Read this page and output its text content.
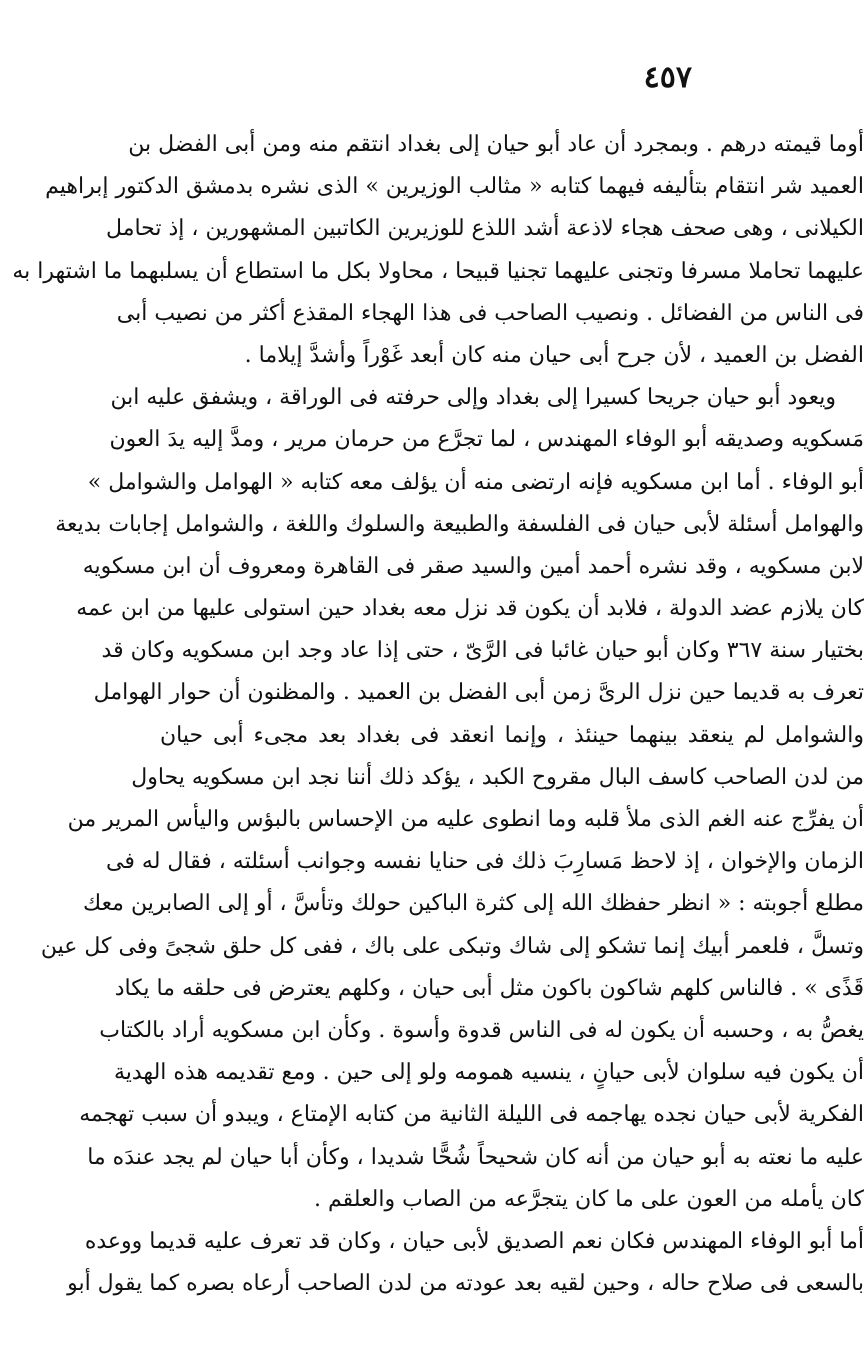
٤٥٧
أوما قيمته درهم . وبمجرد أن عاد أبو حيان إلى بغداد انتقم منه ومن أبى الفضل بن
العميد شر انتقام بتأليفه فيهما كتابه « مثالب الوزيرين » الذى نشره بدمشق الدكتور إبراهيم
الكيلانى ، وهى صحف هجاء لاذعة أشد اللذع للوزيرين الكاتبين المشهورين ، إذ تحامل
عليهما تحاملا مسرفا وتجنى عليهما تجنيا قبيحا ، محاولا بكل ما استطاع أن يسلبهما ما اشتهرا به
فى الناس من الفضائل . ونصيب الصاحب فى هذا الهجاء المقذع أكثر من نصيب أبى
الفضل بن العميد ، لأن جرح أبى حيان منه كان أبعد غَوْراً وأشدَّ إيلاما .
ويعود أبو حيان جريحا كسيرا إلى بغداد وإلى حرفته فى الوراقة ، ويشفق عليه ابن
مَسكويه وصديقه أبو الوفاء المهندس ، لما تجرَّع من حرمان مرير ، ومدَّ إليه يدَ العون
أبو الوفاء . أما ابن مسكويه فإنه ارتضى منه أن يؤلف معه كتابه « الهوامل والشوامل »
والهوامل أسئلة لأبى حيان فى الفلسفة والطبيعة والسلوك واللغة ، والشوامل إجابات بديعة
لابن مسكويه ، وقد نشره أحمد أمين والسيد صقر فى القاهرة ومعروف أن ابن مسكويه
كان يلازم عضد الدولة ، فلابد أن يكون قد نزل معه بغداد حين استولى عليها من ابن عمه
بختيار سنة ٣٦٧ وكان أبو حيان غائبا فى الرَّىّ ، حتى إذا عاد وجد ابن مسكويه وكان قد
تعرف به قديما حين نزل الرىَّ زمن أبى الفضل بن العميد . والمظنون أن حوار الهوامل
والشوامل لم ينعقد بينهما حينئذ ، وإنما انعقد فى بغداد بعد مجىء أبى حيان
من لدن الصاحب كاسف البال مقروح الكبد ، يؤكد ذلك أننا نجد ابن مسكويه يحاول
أن يفرِّج عنه الغم الذى ملأ قلبه وما انطوى عليه من الإحساس بالبؤس واليأس المرير من
الزمان والإخوان ، إذ لاحظ مَسارِبَ ذلك فى حنايا نفسه وجوانب أسئلته ، فقال له فى
مطلع أجوبته : « انظر حفظك الله إلى كثرة الباكين حولك وتأسَّ ، أو إلى الصابرين معك
وتسلَّ ، فلعمر أبيك إنما تشكو إلى شاك وتبكى على باك ، ففى كل حلق شجىً وفى كل عين
قَذًى » . فالناس كلهم شاكون باكون مثل أبى حيان ، وكلهم يعترض فى حلقه ما يكاد
يغصُّ به ، وحسبه أن يكون له فى الناس قدوة وأسوة . وكأن ابن مسكويه أراد بالكتاب
أن يكون فيه سلوان لأبى حيانٍ ، ينسيه همومه ولو إلى حين . ومع تقديمه هذه الهدية
الفكرية لأبى حيان نجده يهاجمه فى الليلة الثانية من كتابه الإمتاع ، ويبدو أن سبب تهجمه
عليه ما نعته به أبو حيان من أنه كان شحيحاً شُحًّا شديدا ، وكأن أبا حيان لم يجد عندَه ما
كان يأمله من العون على ما كان يتجرَّعه من الصاب والعلقم .
أما أبو الوفاء المهندس فكان نعم الصديق لأبى حيان ، وكان قد تعرف عليه قديما ووعده
بالسعى فى صلاح حاله ، وحين لقيه بعد عودته من لدن الصاحب أرعاه بصره كما يقول أبو
